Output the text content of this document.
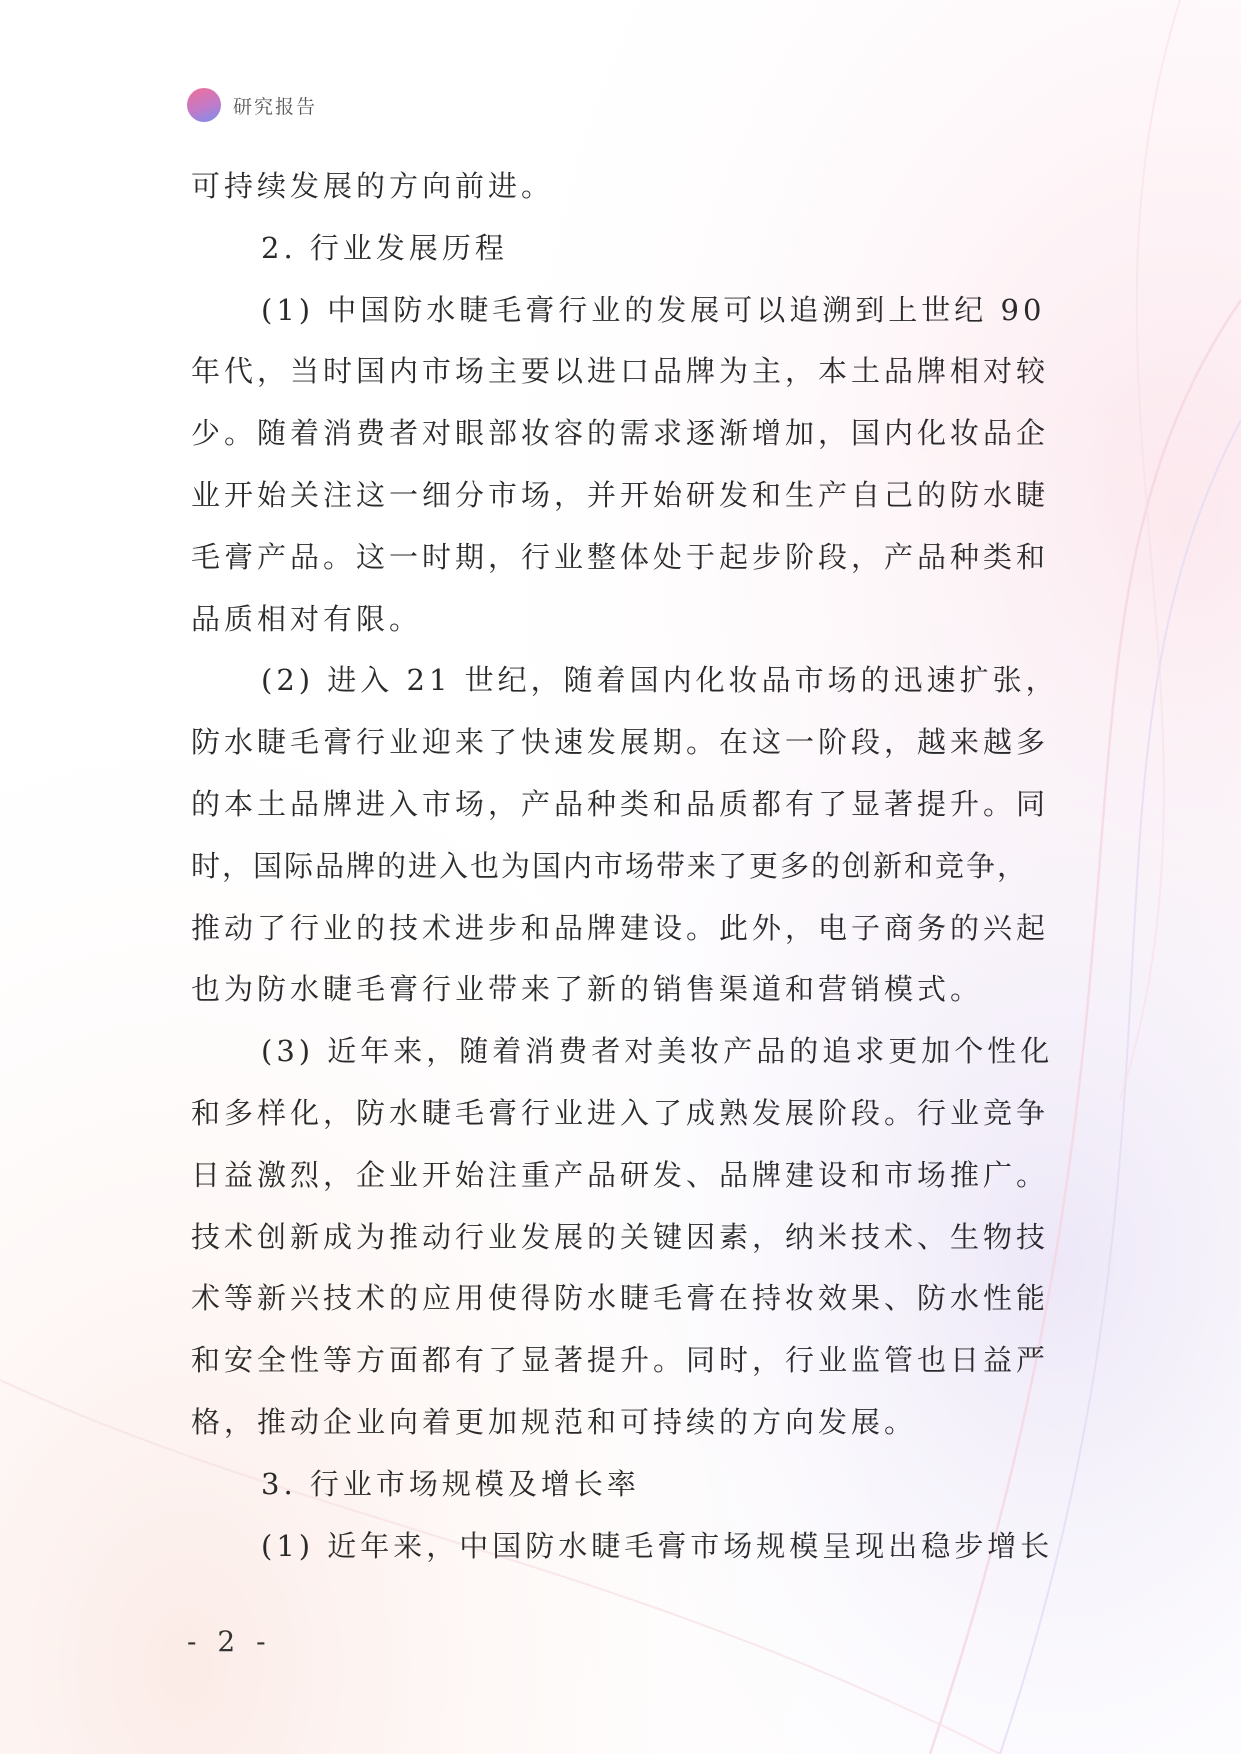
研究报告
可持续发展的方向前进。
2. 行业发展历程
(1) 中国防水睫毛膏行业的发展可以追溯到上世纪 90
年代，当时国内市场主要以进口品牌为主，本土品牌相对较
少。随着消费者对眼部妆容的需求逐渐增加，国内化妆品企
业开始关注这一细分市场，并开始研发和生产自己的防水睫
毛膏产品。这一时期，行业整体处于起步阶段，产品种类和
品质相对有限。
(2) 进入 21 世纪，随着国内化妆品市场的迅速扩张，
防水睫毛膏行业迎来了快速发展期。在这一阶段，越来越多
的本土品牌进入市场，产品种类和品质都有了显著提升。同
时，国际品牌的进入也为国内市场带来了更多的创新和竞争，
推动了行业的技术进步和品牌建设。此外，电子商务的兴起
也为防水睫毛膏行业带来了新的销售渠道和营销模式。
(3) 近年来，随着消费者对美妆产品的追求更加个性化
和多样化，防水睫毛膏行业进入了成熟发展阶段。行业竞争
日益激烈，企业开始注重产品研发、品牌建设和市场推广。
技术创新成为推动行业发展的关键因素，纳米技术、生物技
术等新兴技术的应用使得防水睫毛膏在持妆效果、防水性能
和安全性等方面都有了显著提升。同时，行业监管也日益严
格，推动企业向着更加规范和可持续的方向发展。
3. 行业市场规模及增长率
(1) 近年来，中国防水睫毛膏市场规模呈现出稳步增长
- 2 -
